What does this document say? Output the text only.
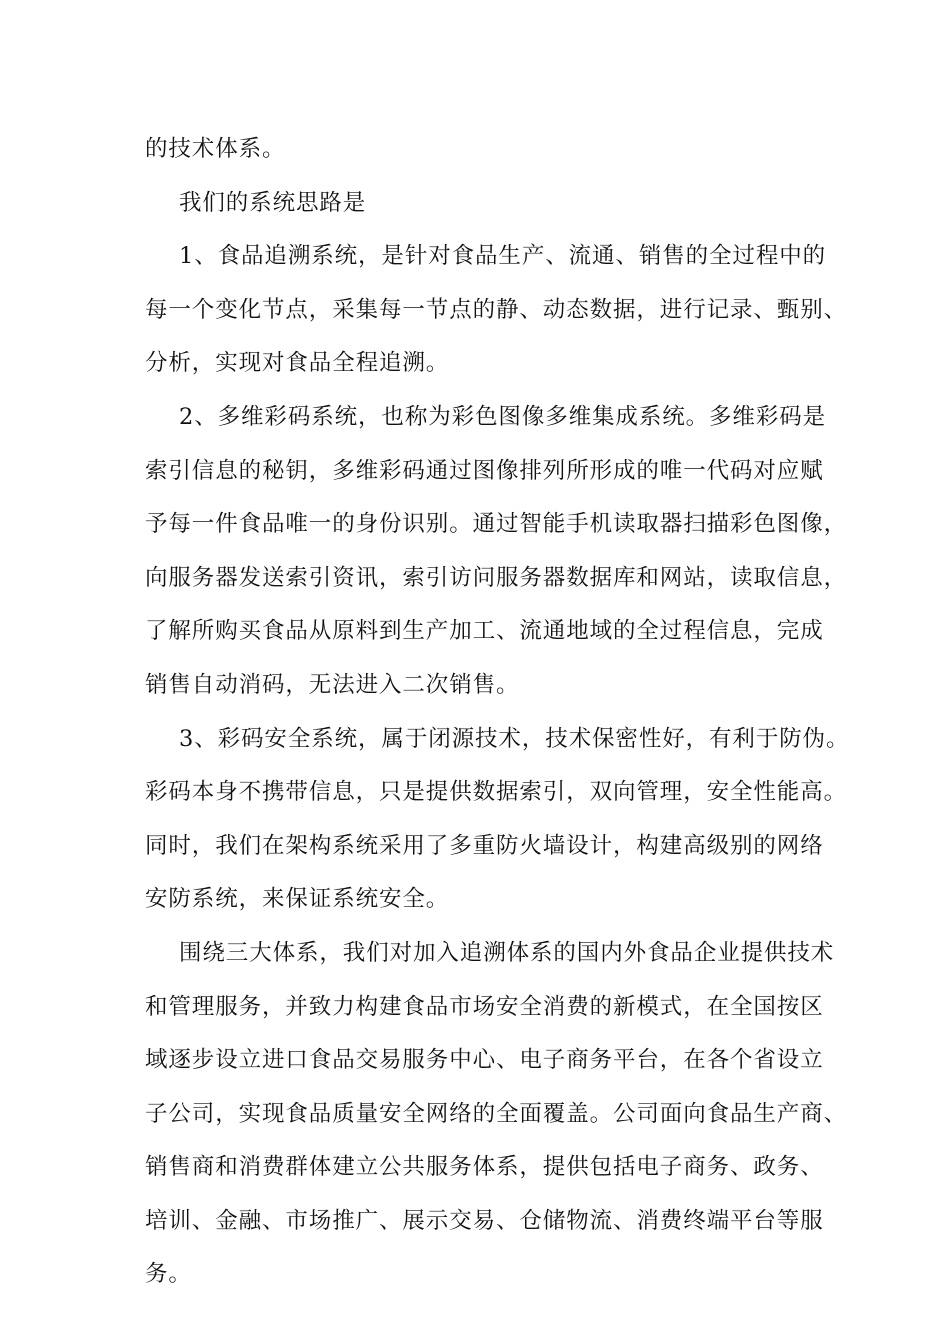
的技术体系。
我们的系统思路是
1、食品追溯系统，是针对食品生产、流通、销售的全过程中的
每一个变化节点，采集每一节点的静、动态数据，进行记录、甄别、
分析，实现对食品全程追溯。
2、多维彩码系统，也称为彩色图像多维集成系统。多维彩码是
索引信息的秘钥，多维彩码通过图像排列所形成的唯一代码对应赋
予每一件食品唯一的身份识别。通过智能手机读取器扫描彩色图像，
向服务器发送索引资讯，索引访问服务器数据库和网站，读取信息，
了解所购买食品从原料到生产加工、流通地域的全过程信息，完成
销售自动消码，无法进入二次销售。
3、彩码安全系统，属于闭源技术，技术保密性好，有利于防伪。
彩码本身不携带信息，只是提供数据索引，双向管理，安全性能高。
同时，我们在架构系统采用了多重防火墙设计，构建高级别的网络
安防系统，来保证系统安全。
围绕三大体系，我们对加入追溯体系的国内外食品企业提供技术
和管理服务，并致力构建食品市场安全消费的新模式，在全国按区
域逐步设立进口食品交易服务中心、电子商务平台，在各个省设立
子公司，实现食品质量安全网络的全面覆盖。公司面向食品生产商、
销售商和消费群体建立公共服务体系，提供包括电子商务、政务、
培训、金融、市场推广、展示交易、仓储物流、消费终端平台等服
务。
